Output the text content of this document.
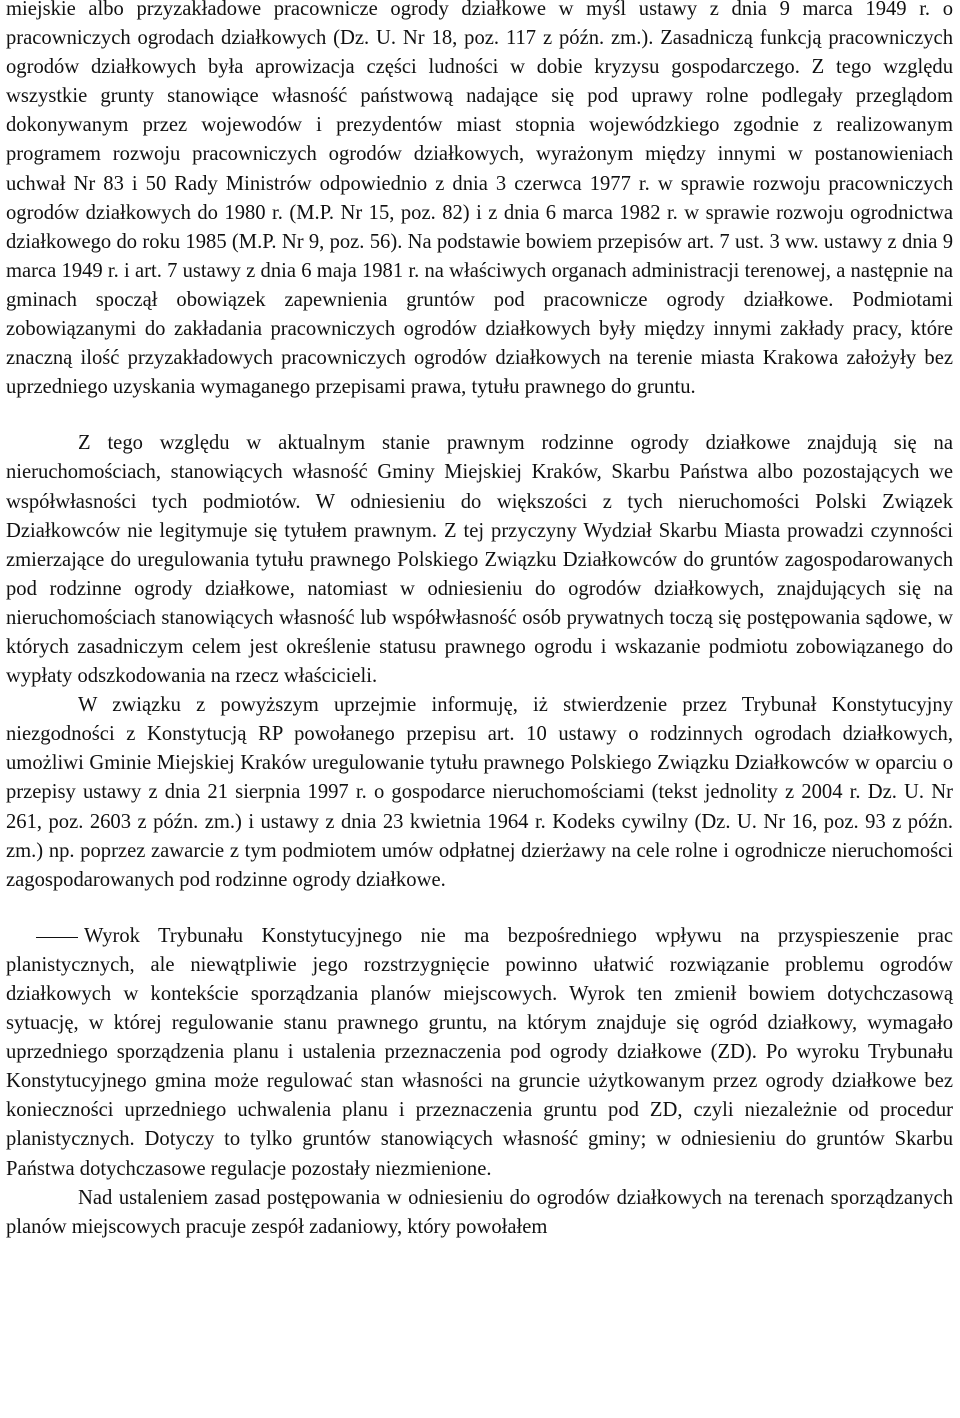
miejskie albo przyzakładowe pracownicze ogrody działkowe w myśl ustawy z dnia 9 marca 1949 r. o pracowniczych ogrodach działkowych (Dz. U. Nr 18, poz. 117 z późn. zm.). Zasadniczą funkcją pracowniczych ogrodów działkowych była aprowizacja części ludności w dobie kryzysu gospodarczego. Z tego względu wszystkie grunty stanowiące własność państwową nadające się pod uprawy rolne podlegały przeglądom dokonywanym przez wojewodów i prezydentów miast stopnia wojewódzkiego zgodnie z realizowanym programem rozwoju pracowniczych ogrodów działkowych, wyrażonym między innymi w postanowieniach uchwał Nr 83 i 50 Rady Ministrów odpowiednio z dnia 3 czerwca 1977 r. w sprawie rozwoju pracowniczych ogrodów działkowych do 1980 r. (M.P. Nr 15, poz. 82) i z dnia 6 marca 1982 r. w sprawie rozwoju ogrodnictwa działkowego do roku 1985 (M.P. Nr 9, poz. 56). Na podstawie bowiem przepisów art. 7 ust. 3 ww. ustawy z dnia 9 marca 1949 r. i art. 7 ustawy z dnia 6 maja 1981 r. na właściwych organach administracji terenowej, a następnie na gminach spoczął obowiązek zapewnienia gruntów pod pracownicze ogrody działkowe. Podmiotami zobowiązanymi do zakładania pracowniczych ogrodów działkowych były między innymi zakłady pracy, które znaczną ilość przyzakładowych pracowniczych ogrodów działkowych na terenie miasta Krakowa założyły bez uprzedniego uzyskania wymaganego przepisami prawa, tytułu prawnego do gruntu.

Z tego względu w aktualnym stanie prawnym rodzinne ogrody działkowe znajdują się na nieruchomościach, stanowiących własność Gminy Miejskiej Kraków, Skarbu Państwa albo pozostających we współwłasności tych podmiotów. W odniesieniu do większości z tych nieruchomości Polski Związek Działkowców nie legitymuje się tytułem prawnym. Z tej przyczyny Wydział Skarbu Miasta prowadzi czynności zmierzające do uregulowania tytułu prawnego Polskiego Związku Działkowców do gruntów zagospodarowanych pod rodzinne ogrody działkowe, natomiast w odniesieniu do ogrodów działkowych, znajdujących się na nieruchomościach stanowiących własność lub współwłasność osób prywatnych toczą się postępowania sądowe, w których zasadniczym celem jest określenie statusu prawnego ogrodu i wskazanie podmiotu zobowiązanego do wypłaty odszkodowania na rzecz właścicieli.

W związku z powyższym uprzejmie informuję, iż stwierdzenie przez Trybunał Konstytucyjny niezgodności z Konstytucją RP powołanego przepisu art. 10 ustawy o rodzinnych ogrodach działkowych, umożliwi Gminie Miejskiej Kraków uregulowanie tytułu prawnego Polskiego Związku Działkowców w oparciu o przepisy ustawy z dnia 21 sierpnia 1997 r. o gospodarce nieruchomościami (tekst jednolity z 2004 r. Dz. U. Nr 261, poz. 2603 z późn. zm.) i ustawy z dnia 23 kwietnia 1964 r. Kodeks cywilny (Dz. U. Nr 16, poz. 93 z późn. zm.) np. poprzez zawarcie z tym podmiotem umów odpłatnej dzierżawy na cele rolne i ogrodnicze nieruchomości zagospodarowanych pod rodzinne ogrody działkowe.

Wyrok Trybunału Konstytucyjnego nie ma bezpośredniego wpływu na przyspieszenie prac planistycznych, ale niewątpliwie jego rozstrzygnięcie powinno ułatwić rozwiązanie problemu ogrodów działkowych w kontekście sporządzania planów miejscowych. Wyrok ten zmienił bowiem dotychczasową sytuację, w której regulowanie stanu prawnego gruntu, na którym znajduje się ogród działkowy, wymagało uprzedniego sporządzenia planu i ustalenia przeznaczenia pod ogrody działkowe (ZD). Po wyroku Trybunału Konstytucyjnego gmina może regulować stan własności na gruncie użytkowanym przez ogrody działkowe bez konieczności uprzedniego uchwalenia planu i przeznaczenia gruntu pod ZD, czyli niezależnie od procedur planistycznych. Dotyczy to tylko gruntów stanowiących własność gminy; w odniesieniu do gruntów Skarbu Państwa dotychczasowe regulacje pozostały niezmienione.

Nad ustaleniem zasad postępowania w odniesieniu do ogrodów działkowych na terenach sporządzanych planów miejscowych pracuje zespół zadaniowy, który powołałem
